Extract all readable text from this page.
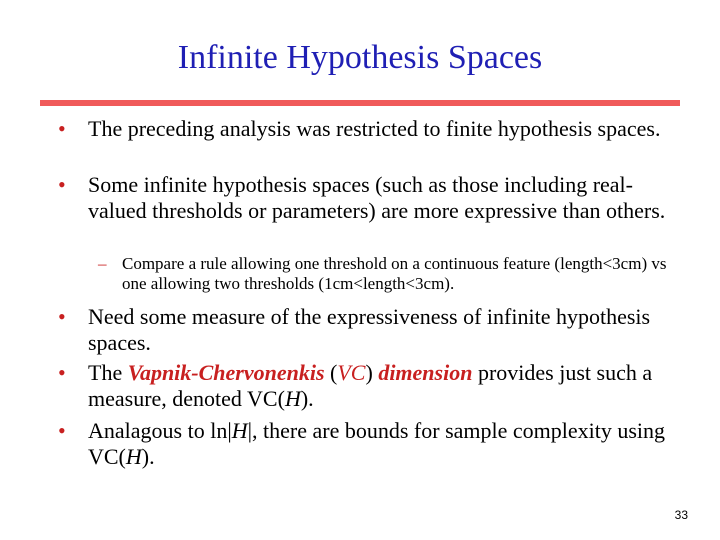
Infinite Hypothesis Spaces
• The preceding analysis was restricted to finite hypothesis spaces.
• Some infinite hypothesis spaces (such as those including real-valued thresholds or parameters) are more expressive than others.
– Compare a rule allowing one threshold on a continuous feature (length<3cm) vs one allowing two thresholds (1cm<length<3cm).
• Need some measure of the expressiveness of infinite hypothesis spaces.
• The Vapnik-Chervonenkis (VC) dimension provides just such a measure, denoted VC(H).
• Analagous to ln|H|, there are bounds for sample complexity using VC(H).
33
